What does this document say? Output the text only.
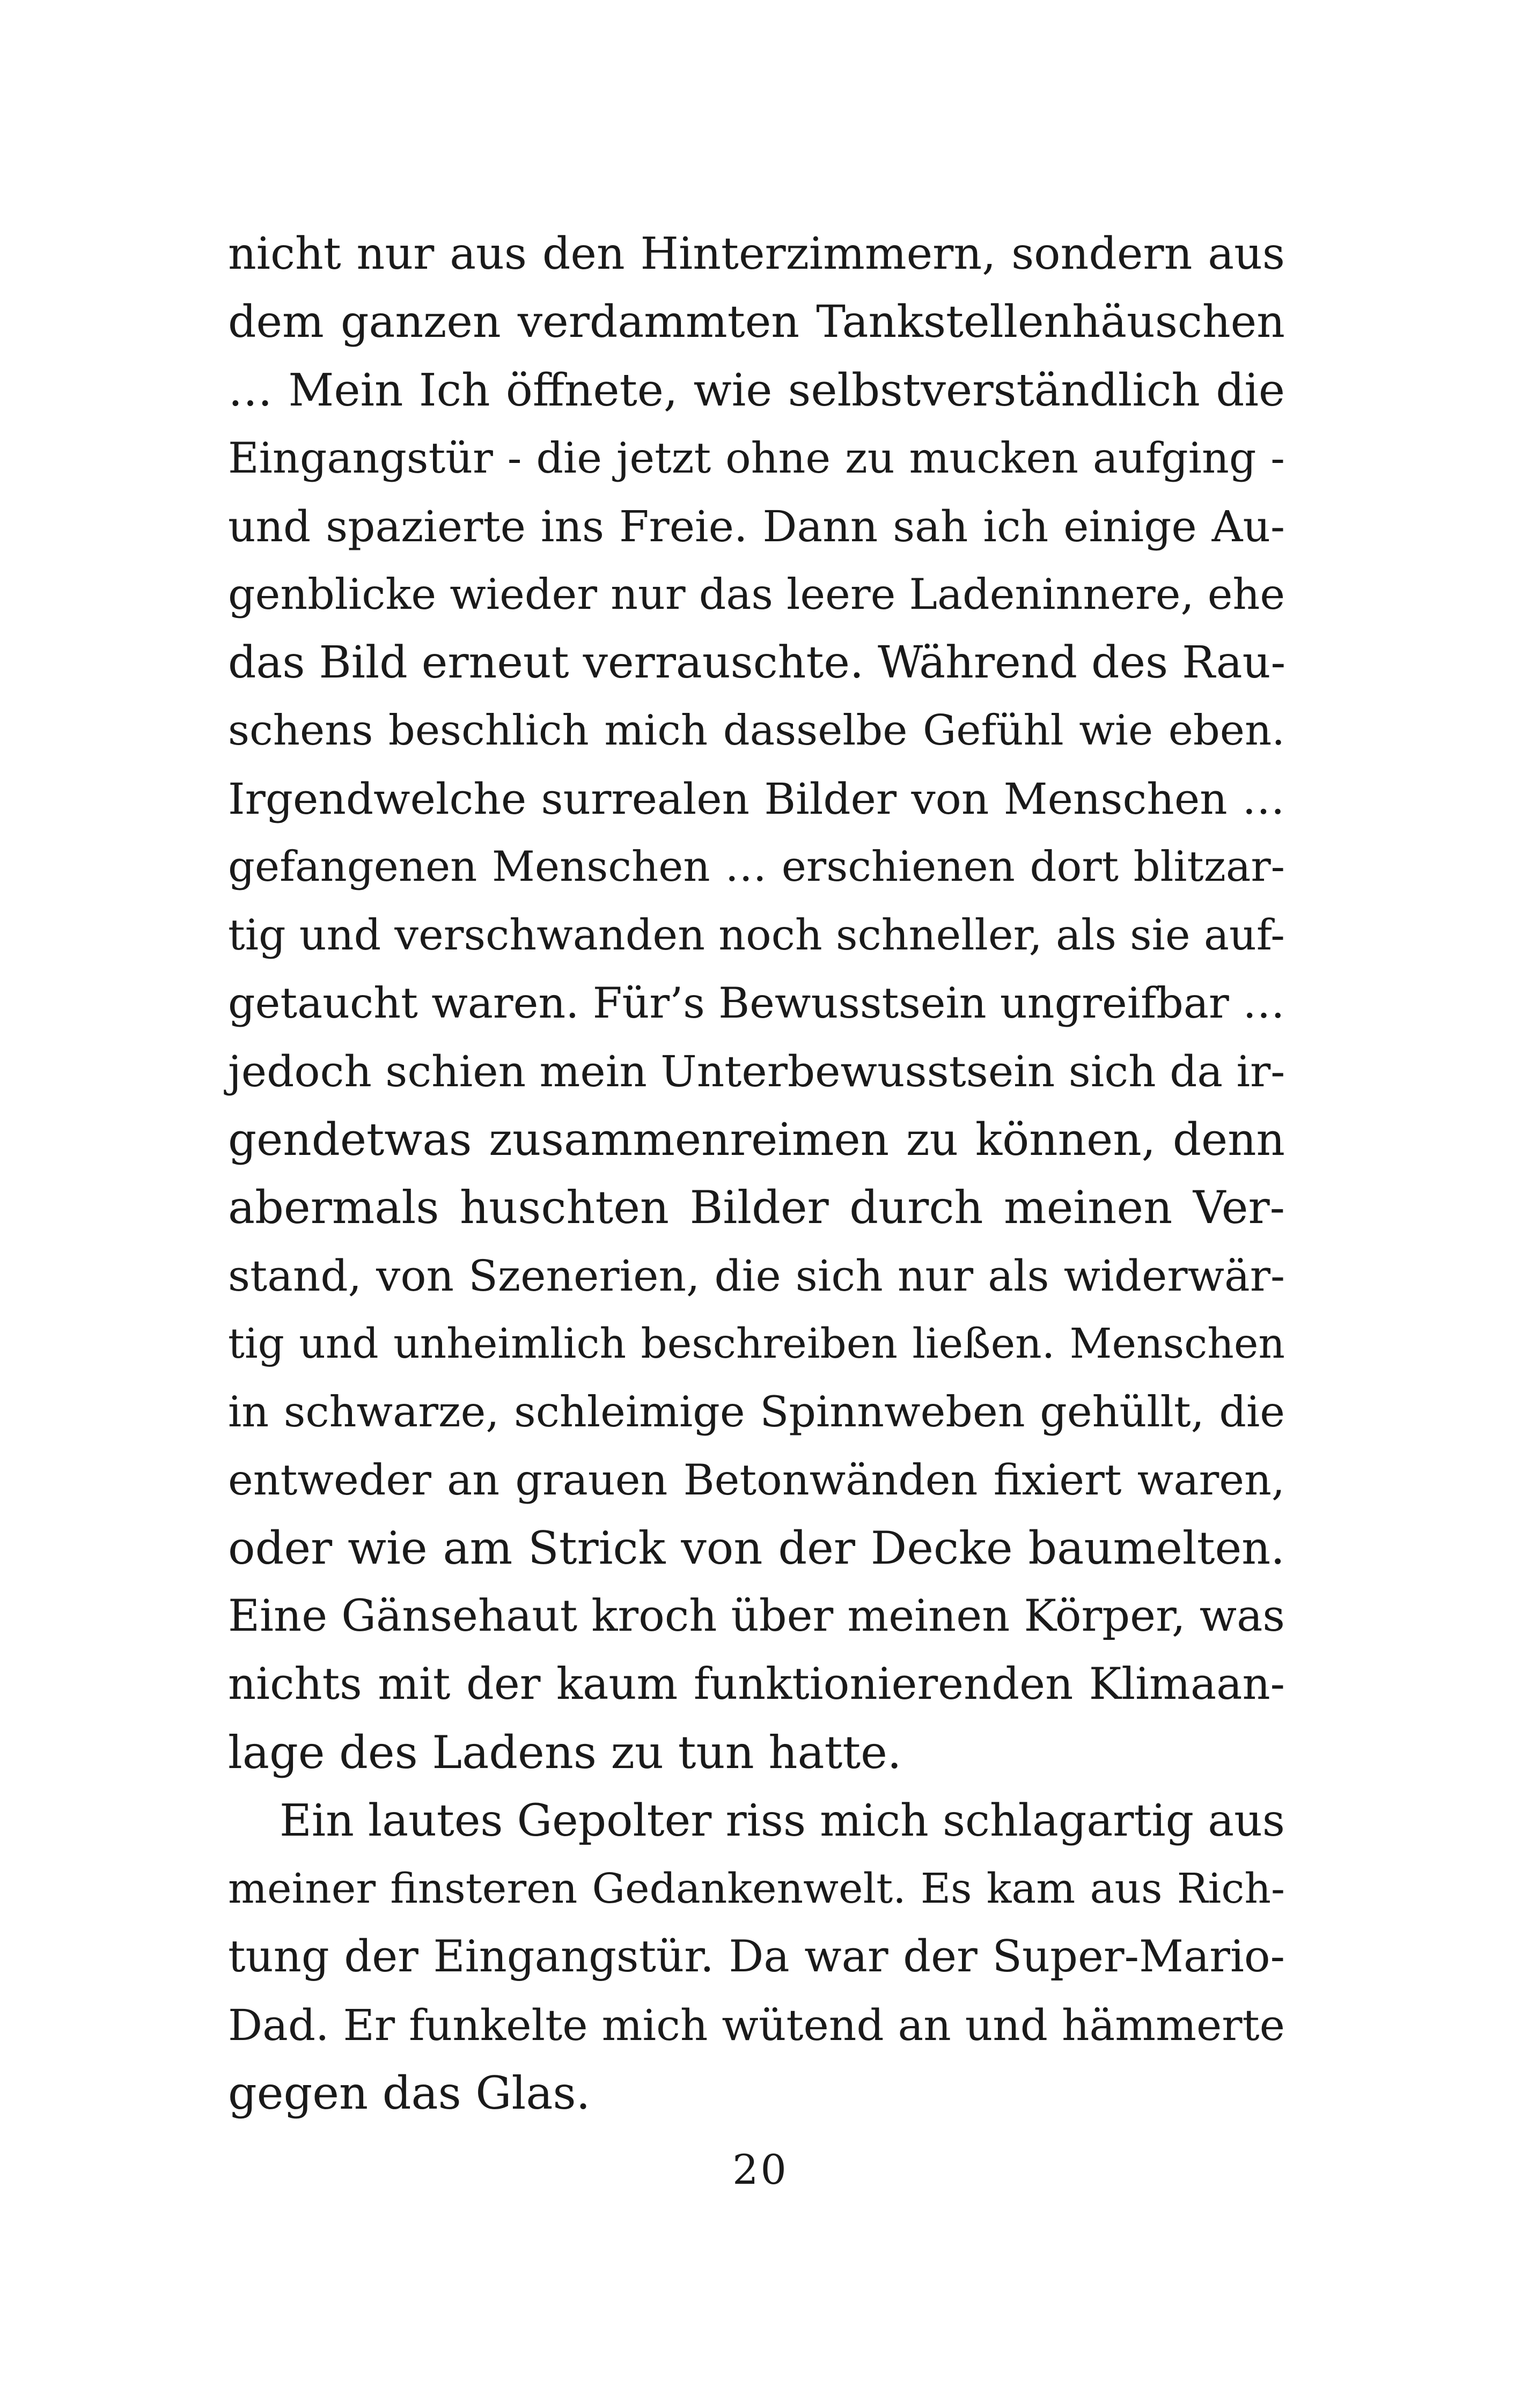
nicht nur aus den Hinterzimmern, sondern aus
dem ganzen verdammten Tankstellenhäuschen
… Mein Ich öffnete, wie selbstverständlich die
Eingangstür - die jetzt ohne zu mucken aufging -
und spazierte ins Freie. Dann sah ich einige Au-
genblicke wieder nur das leere Ladeninnere, ehe
das Bild erneut verrauschte. Während des Rau-
schens beschlich mich dasselbe Gefühl wie eben.
Irgendwelche surrealen Bilder von Menschen …
gefangenen Menschen … erschienen dort blitzar-
tig und verschwanden noch schneller, als sie auf-
getaucht waren. Für’s Bewusstsein ungreifbar …
jedoch schien mein Unterbewusstsein sich da ir-
gendetwas zusammenreimen zu können, denn
abermals huschten Bilder durch meinen Ver-
stand, von Szenerien, die sich nur als widerwär-
tig und unheimlich beschreiben ließen. Menschen
in schwarze, schleimige Spinnweben gehüllt, die
entweder an grauen Betonwänden fixiert waren,
oder wie am Strick von der Decke baumelten.
Eine Gänsehaut kroch über meinen Körper, was
nichts mit der kaum funktionierenden Klimaan-
lage des Ladens zu tun hatte.
Ein lautes Gepolter riss mich schlagartig aus
meiner finsteren Gedankenwelt. Es kam aus Rich-
tung der Eingangstür. Da war der Super-Mario-
Dad. Er funkelte mich wütend an und hämmerte
gegen das Glas.
20
